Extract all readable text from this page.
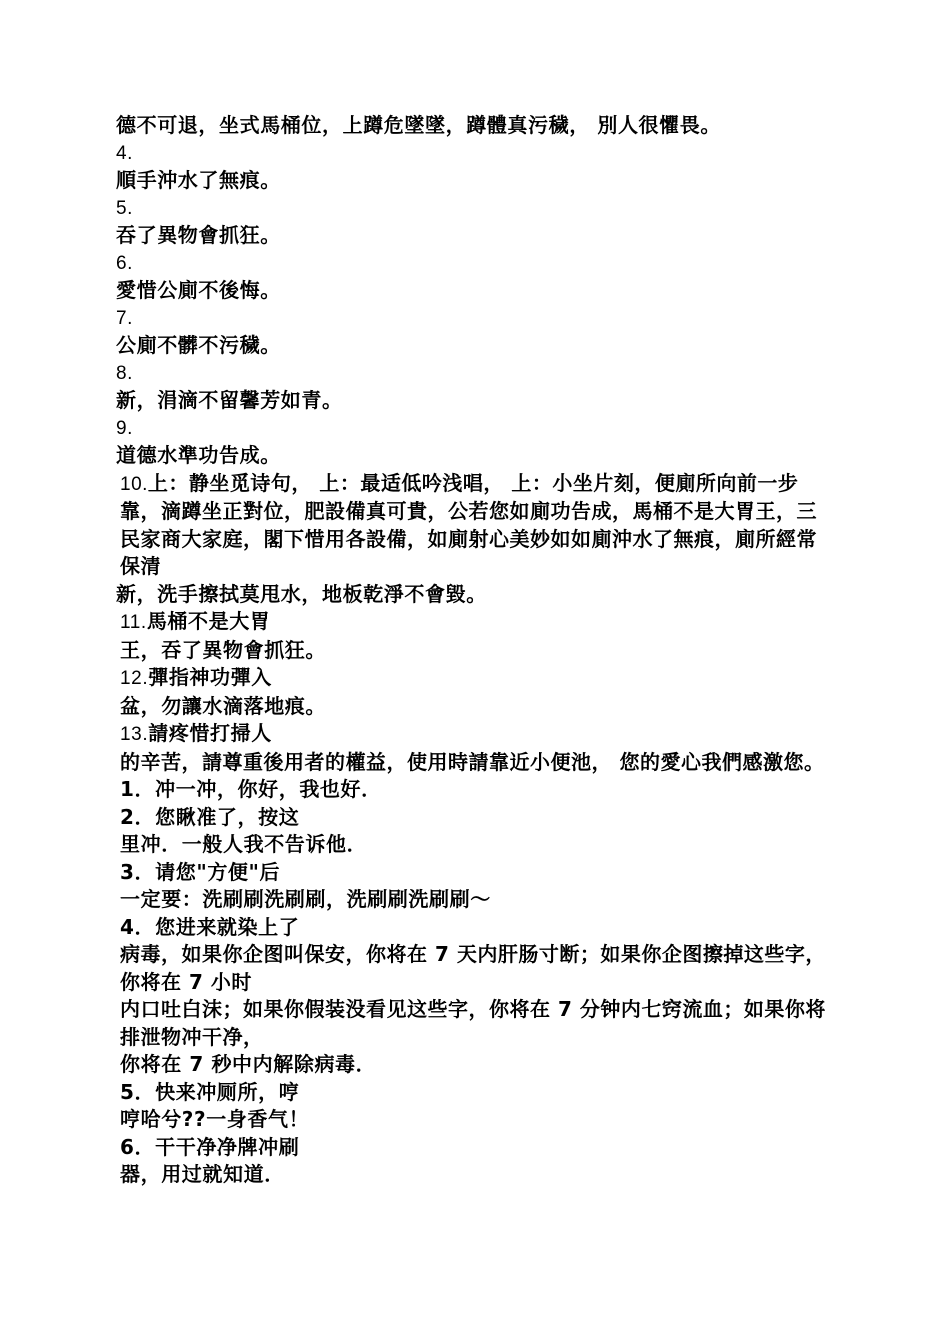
德不可退，坐式馬桶位，上蹲危墜墜，蹲體真污穢， 別人很懼畏。
4.
順手沖水了無痕。
5.
吞了異物會抓狂。
6.
愛惜公廁不後悔。
7.
公廁不髒不污穢。
8.
新，涓滴不留馨芳如青。
9.
道德水準功告成。
10.上：静坐觅诗句， 上：最适低吟浅唱， 上：小坐片刻，便廁所向前一步靠，滴蹲坐正對位，肥設備真可貴，公若您如廁功告成，馬桶不是大胃王，三民家商大家庭，閣下惜用各設備，如廁射心美妙如如廁沖水了無痕，廁所經常保清
新，洗手擦拭莫甩水，地板乾淨不會毀。
11.馬桶不是大胃
王，吞了異物會抓狂。
12.彈指神功彈入
盆，勿讓水滴落地痕。
13.請疼惜打掃人
的辛苦，請尊重後用者的權益，使用時請靠近小便池， 您的愛心我們感激您。
1．冲一冲，你好，我也好．
2．您瞅准了，按这
里冲．一般人我不告诉他．
3．请您"方便"后
一定要：洗刷刷洗刷刷，洗刷刷洗刷刷～
4．您进来就染上了
病毒，如果你企图叫保安，你将在 7 天内肝肠寸断；如果你企图擦掉这些字，你将在 7 小时
内口吐白沫；如果你假装没看见这些字，你将在 7 分钟内七窍流血；如果你将排泄物冲干净，
你将在 7 秒中内解除病毒．
5．快来冲厕所，哼
哼哈兮??一身香气！
6．干干净净牌冲刷
器，用过就知道．
